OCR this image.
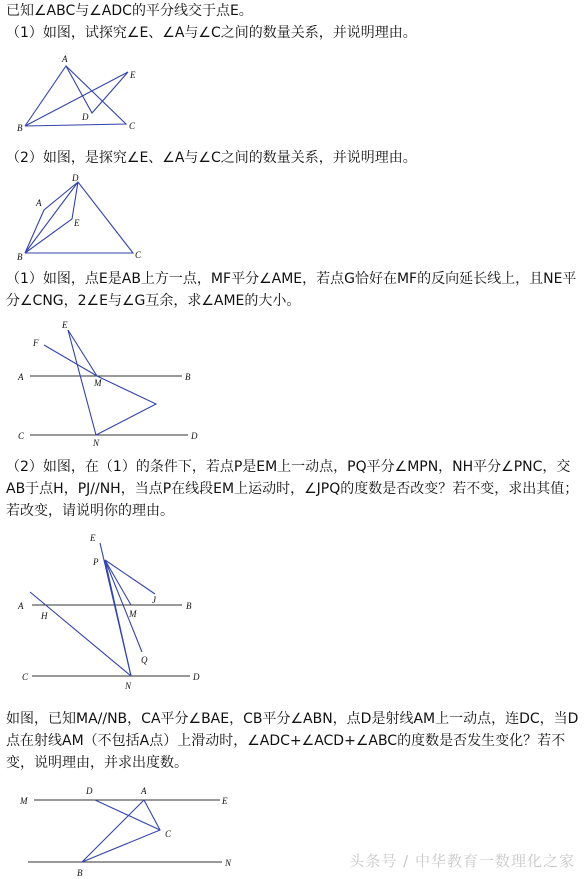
已知∠ABC与∠ADC的平分线交于点E。

（1）如图，试探究∠E、∠A与∠C之间的数量关系，并说明理由。

（2）如图，是探究∠E、∠A与∠C之间的数量关系，并说明理由。

（1）如图，点E是AB上方一点，MF平分∠AME，若点G恰好在MF的反向延长线上，且NE平分∠CNG，2∠E与∠G互余，求∠AME的大小。

（2）如图，在（1）的条件下，若点P是EM上一动点，PQ平分∠MPN，NH平分∠PNC，交AB于点H，PJ//NH，当点P在线段EM上运动时，∠JPQ的度数是否改变？若不变，求出其值；若改变，请说明你的理由。

如图，已知MA//NB，CA平分∠BAE，CB平分∠ABN，点D是射线AM上一动点，连DC，当D点在射线AM（不包括A点）上滑动时，∠ADC+∠ACD+∠ABC的度数是否发生变化？若不变，说明理由，并求出度数。

A
B	C
D
E
A
B	C
D
E
E
F
A	B
M
C	D
N
E
P
J
A	B
H	M
Q
C	D
N
M
D	A
E
C
B
N	头条号 / 中华教育一数理化之家
